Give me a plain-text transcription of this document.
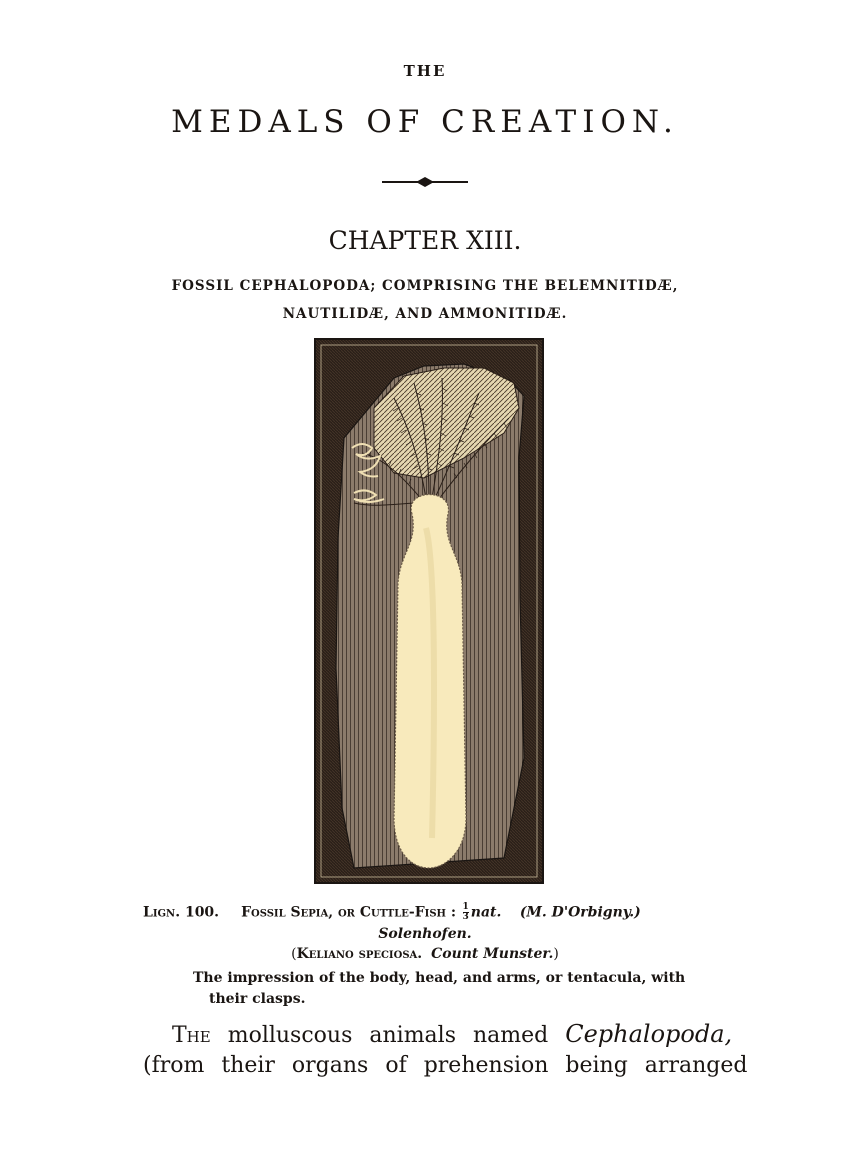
THE
MEDALS OF CREATION.
CHAPTER XIII.
FOSSIL CEPHALOPODA; COMPRISING THE BELEMNITIDÆ,
NAUTILIDÆ, AND AMMONITIDÆ.
Lign. 100. Fossil Sepia, or Cuttle-Fish : $\frac{1}{3}$ nat. (M. D'Orbigny.)
Solenhofen.
(Keliano speciosa. Count Munster.)
The impression of the body, head, and arms, or tentacula, with
their clasps.
The molluscous animals named Cephalopoda,
(from their organs of prehension being arranged
